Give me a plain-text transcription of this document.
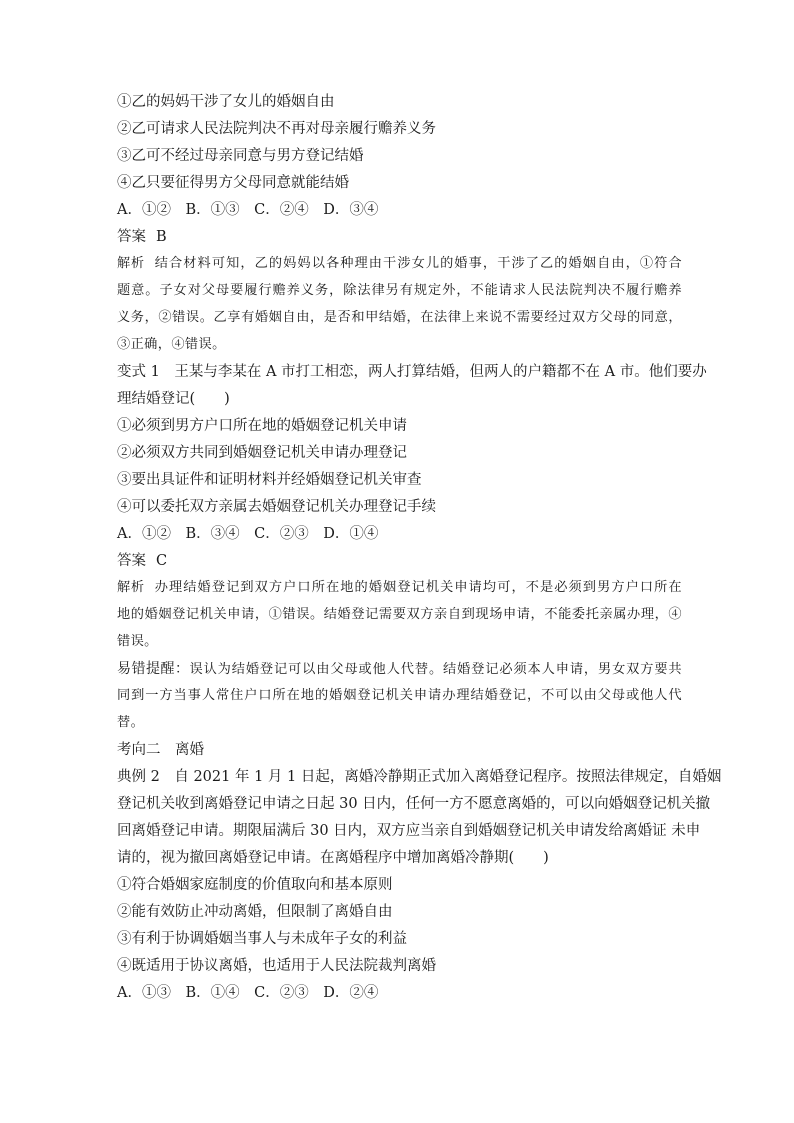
①乙的妈妈干涉了女儿的婚姻自由
②乙可请求人民法院判决不再对母亲履行赡养义务
③乙可不经过母亲同意与男方登记结婚
④乙只要征得男方父母同意就能结婚
A．①②　B．①③　C．②④　D．③④
答案 B
解析 结合材料可知，乙的妈妈以各种理由干涉女儿的婚事，干涉了乙的婚姻自由，①符合
题意。子女对父母要履行赡养义务，除法律另有规定外，不能请求人民法院判决不履行赡养
义务，②错误。乙享有婚姻自由，是否和甲结婚，在法律上来说不需要经过双方父母的同意，
③正确，④错误。
变式 1　王某与李某在 A 市打工相恋，两人打算结婚，但两人的户籍都不在 A 市。他们要办
理结婚登记(　　)
①必须到男方户口所在地的婚姻登记机关申请
②必须双方共同到婚姻登记机关申请办理登记
③要出具证件和证明材料并经婚姻登记机关审查
④可以委托双方亲属去婚姻登记机关办理登记手续
A．①②　B．③④　C．②③　D．①④
答案 C
解析 办理结婚登记到双方户口所在地的婚姻登记机关申请均可，不是必须到男方户口所在
地的婚姻登记机关申请，①错误。结婚登记需要双方亲自到现场申请，不能委托亲属办理，④
错误。
易错提醒：误认为结婚登记可以由父母或他人代替。结婚登记必须本人申请，男女双方要共
同到一方当事人常住户口所在地的婚姻登记机关申请办理结婚登记，不可以由父母或他人代
替。
考向二　离婚
典例 2　自 2021 年 1 月 1 日起，离婚冷静期正式加入离婚登记程序。按照法律规定，自婚姻
登记机关收到离婚登记申请之日起 30 日内，任何一方不愿意离婚的，可以向婚姻登记机关撤
回离婚登记申请。期限届满后 30 日内，双方应当亲自到婚姻登记机关申请发给离婚证 未申
请的，视为撤回离婚登记申请。在离婚程序中增加离婚冷静期(　　)
①符合婚姻家庭制度的价值取向和基本原则
②能有效防止冲动离婚，但限制了离婚自由
③有利于协调婚姻当事人与未成年子女的利益
④既适用于协议离婚，也适用于人民法院裁判离婚
A．①③　B．①④　C．②③　D．②④
